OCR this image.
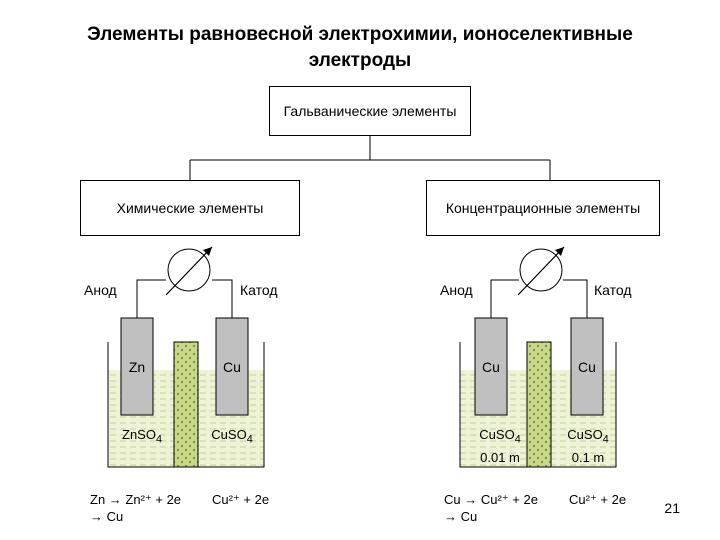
Элементы равновесной электрохимии, ионоселективные электроды
Гальванические элементы
Химические элементы	Концентрационные элементы
Анод	Катод
Zn	Cu
ZnSO$_4$	CuSO$_4$
Zn → Zn²⁺ + 2e
→ Cu
Cu²⁺ + 2e
Анод	Катод
Cu	Cu
CuSO$_4$
0.01 m
CuSO$_4$
0.1 m
Cu → Cu²⁺ + 2e
→ Cu
Cu²⁺ + 2e
21
